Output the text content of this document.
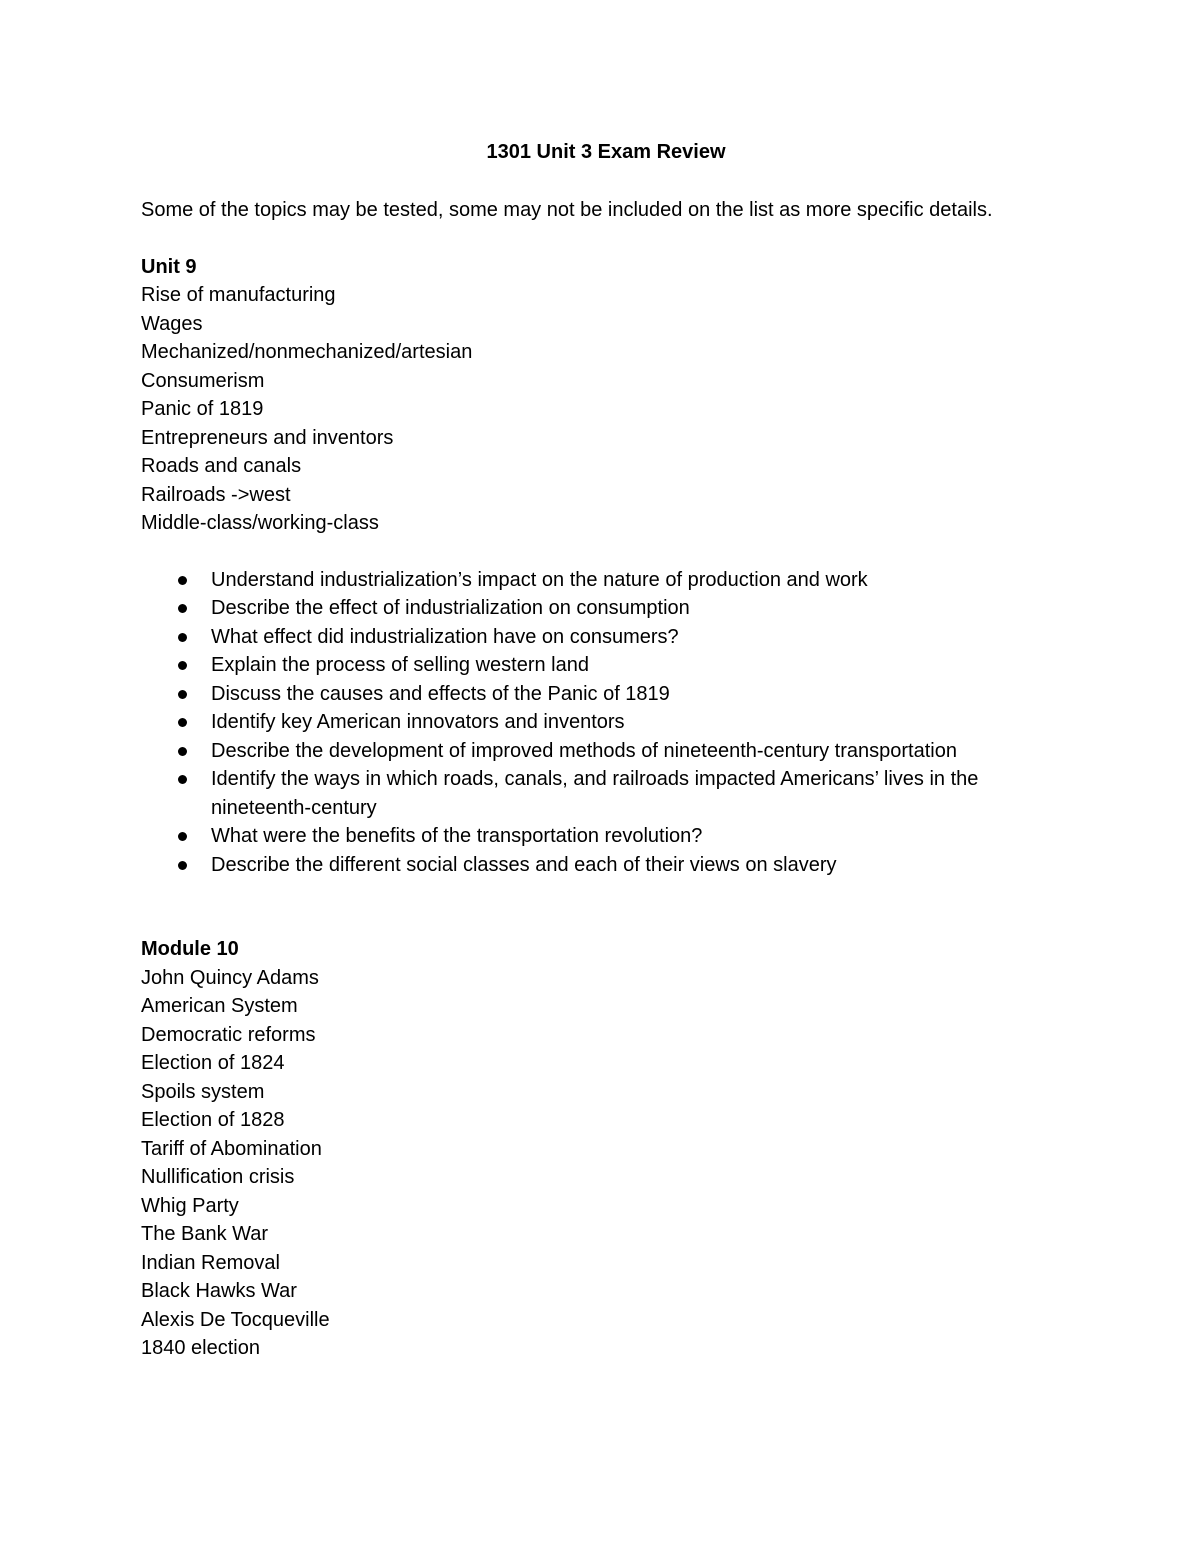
1301 Unit 3 Exam Review

Some of the topics may be tested, some may not be included on the list as more specific details.

Unit 9
Rise of manufacturing
Wages
Mechanized/nonmechanized/artesian
Consumerism
Panic of 1819
Entrepreneurs and inventors
Roads and canals
Railroads ->west
Middle-class/working-class
Understand industrialization’s impact on the nature of production and work
Describe the effect of industrialization on consumption
What effect did industrialization have on consumers?
Explain the process of selling western land
Discuss the causes and effects of the Panic of 1819
Identify key American innovators and inventors
Describe the development of improved methods of nineteenth-century transportation
Identify the ways in which roads, canals, and railroads impacted Americans’ lives in the nineteenth-century
What were the benefits of the transportation revolution?
Describe the different social classes and each of their views on slavery
Module 10
John Quincy Adams
American System
Democratic reforms
Election of 1824
Spoils system
Election of 1828
Tariff of Abomination
Nullification crisis
Whig Party
The Bank War
Indian Removal
Black Hawks War
Alexis De Tocqueville
1840 election
